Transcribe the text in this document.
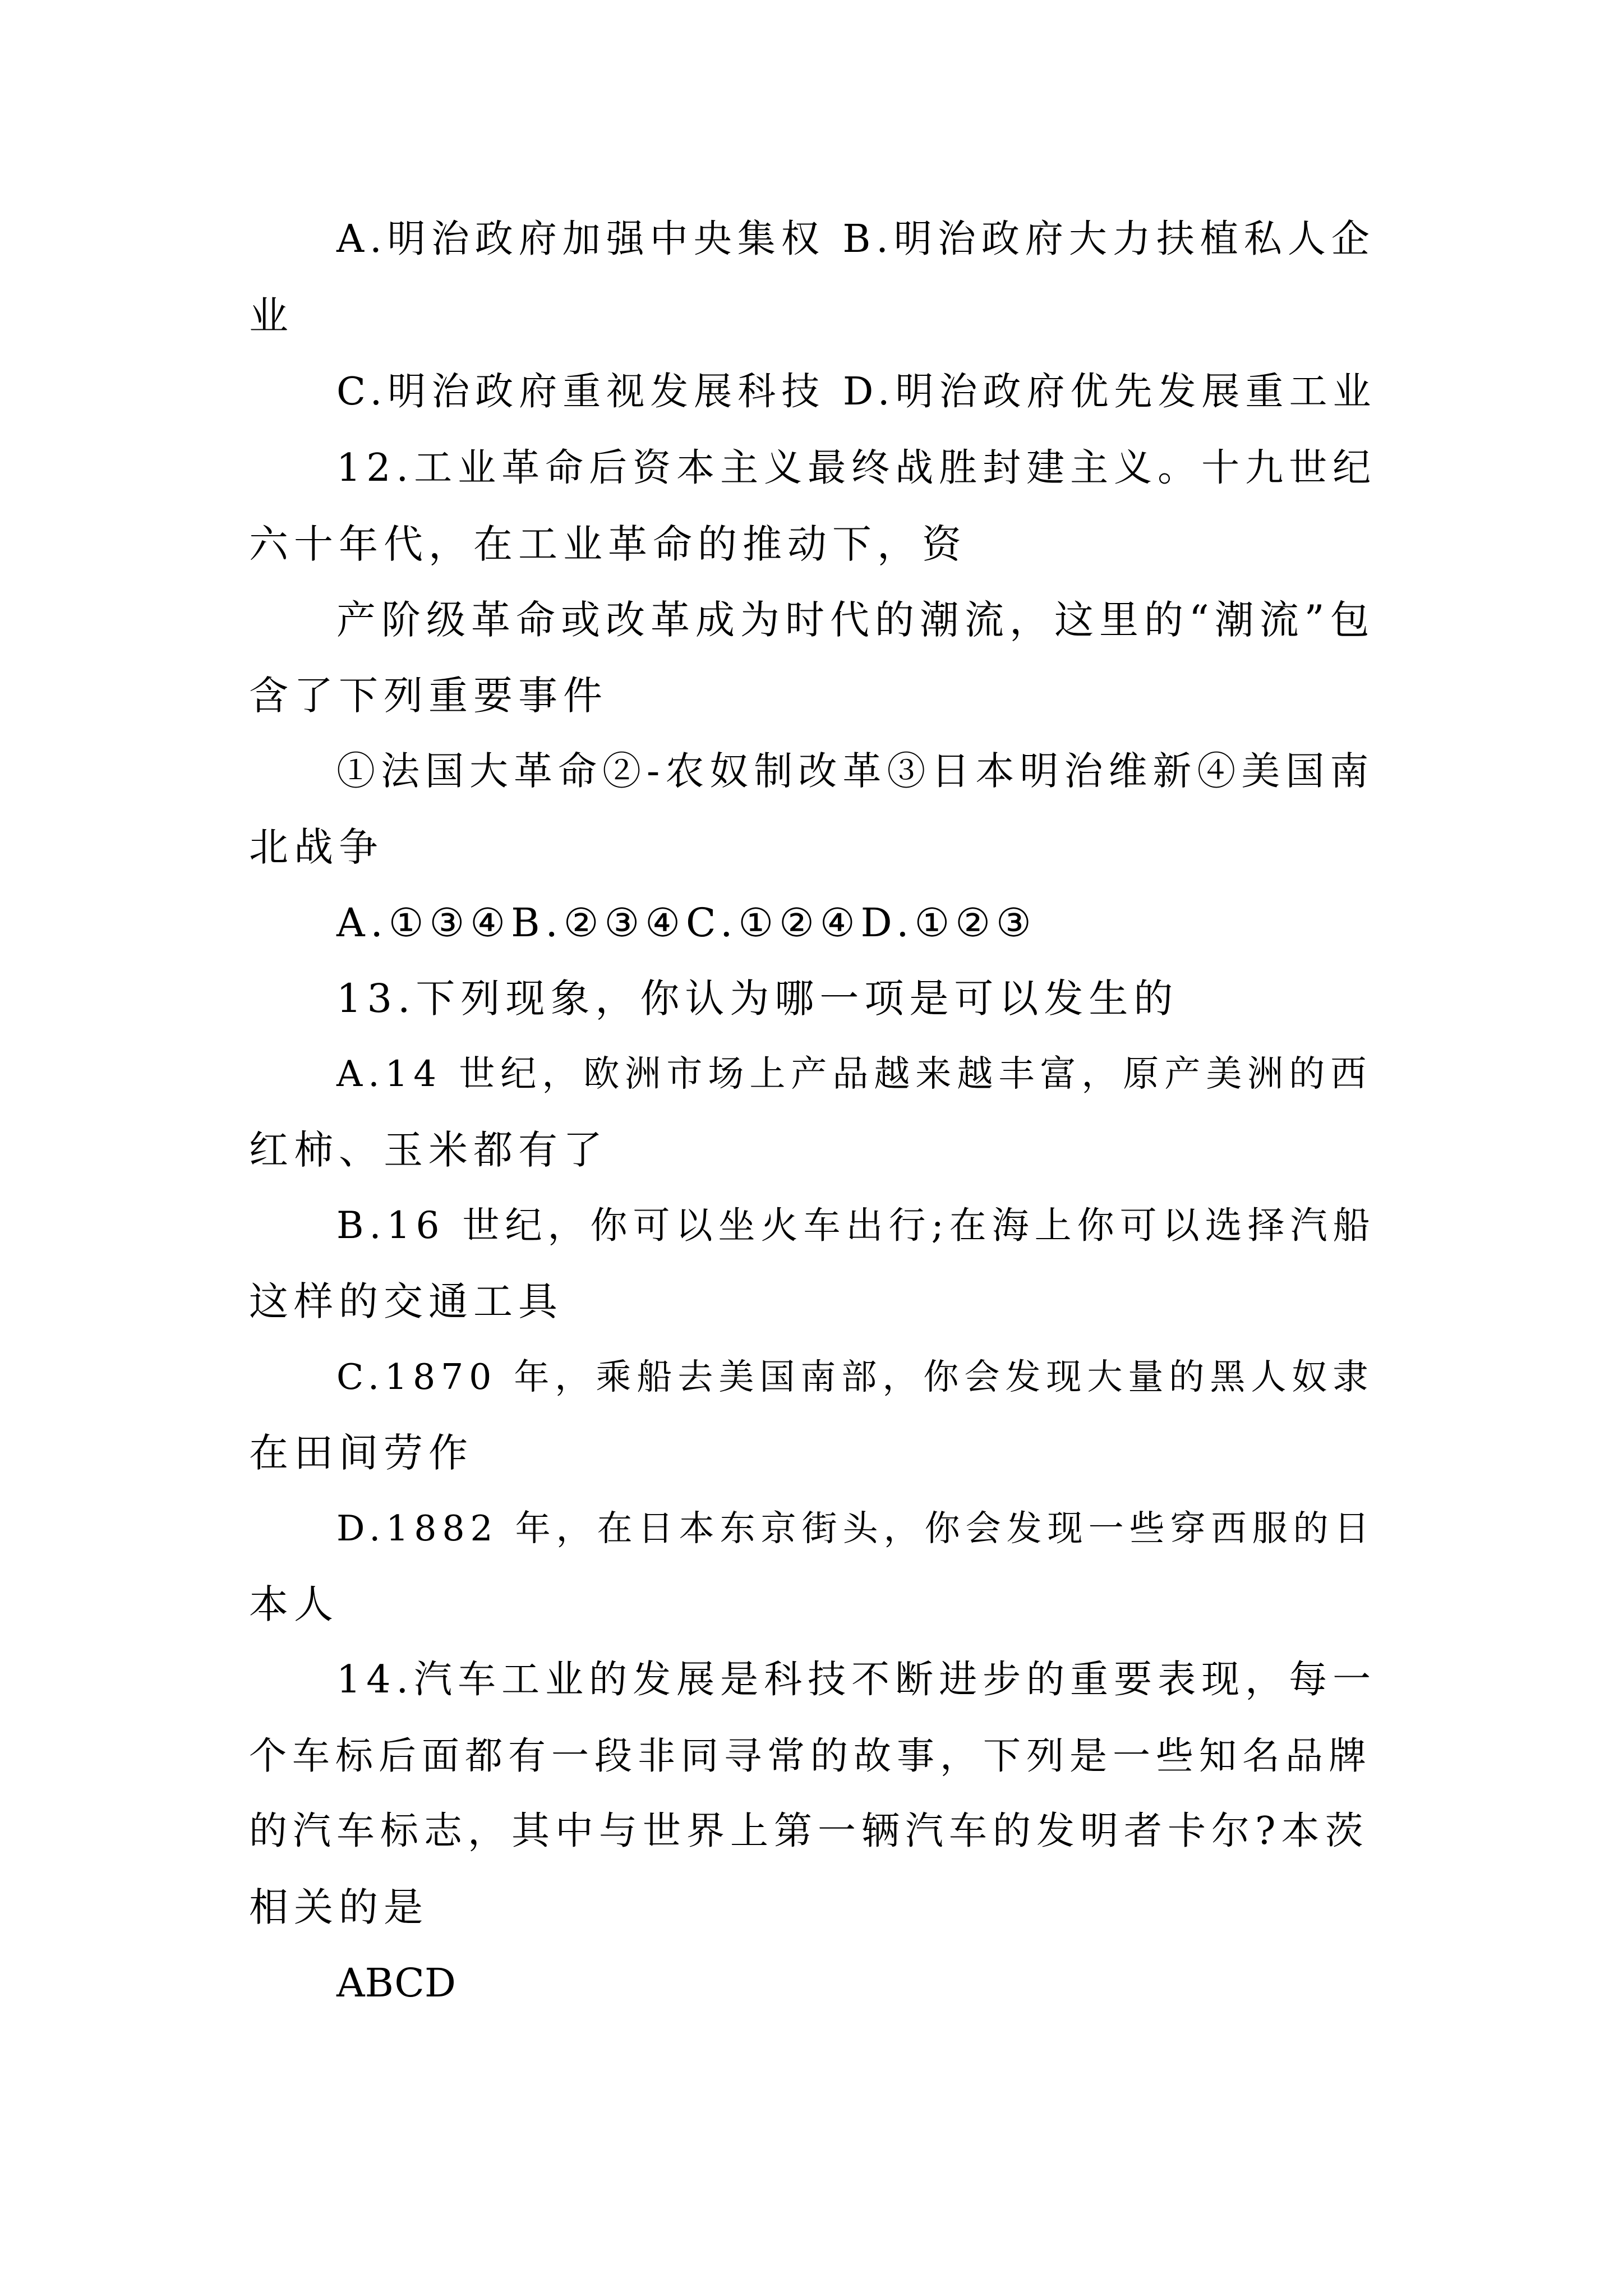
A.明治政府加强中央集权 B.明治政府大力扶植私人企
业
C.明治政府重视发展科技 D.明治政府优先发展重工业
12.工业革命后资本主义最终战胜封建主义。十九世纪
六十年代，在工业革命的推动下，资
产阶级革命或改革成为时代的潮流，这里的“潮流”包
含了下列重要事件
①法国大革命②-农奴制改革③日本明治维新④美国南
北战争
A.①③④B.②③④C.①②④D.①②③
13.下列现象，你认为哪一项是可以发生的
A.14 世纪，欧洲市场上产品越来越丰富，原产美洲的西
红柿、玉米都有了
B.16 世纪，你可以坐火车出行;在海上你可以选择汽船
这样的交通工具
C.1870 年，乘船去美国南部，你会发现大量的黑人奴隶
在田间劳作
D.1882 年，在日本东京街头，你会发现一些穿西服的日
本人
14.汽车工业的发展是科技不断进步的重要表现，每一
个车标后面都有一段非同寻常的故事，下列是一些知名品牌
的汽车标志，其中与世界上第一辆汽车的发明者卡尔?本茨
相关的是
ABCD
